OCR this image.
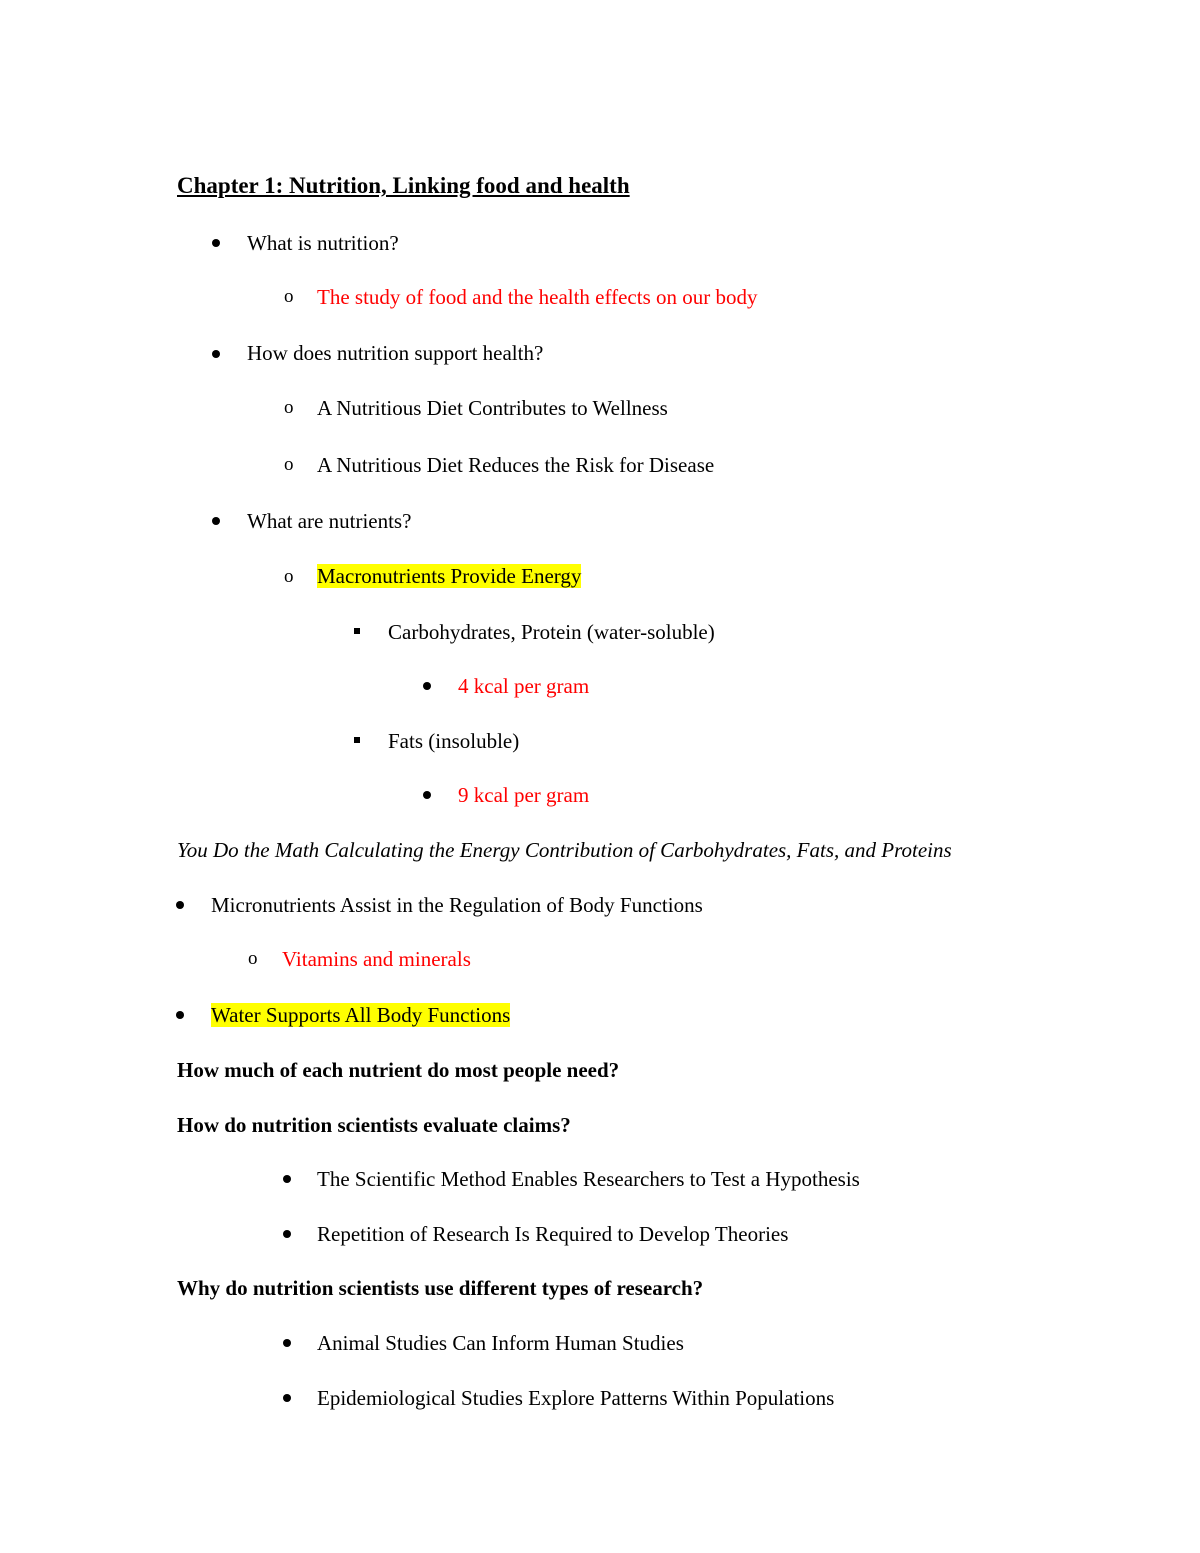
Chapter 1: Nutrition, Linking food and health
What is nutrition?
o The study of food and the health effects on our body
How does nutrition support health?
o A Nutritious Diet Contributes to Wellness
o A Nutritious Diet Reduces the Risk for Disease
What are nutrients?
o Macronutrients Provide Energy
Carbohydrates, Protein (water-soluble)
4 kcal per gram
Fats (insoluble)
9 kcal per gram
You Do the Math Calculating the Energy Contribution of Carbohydrates, Fats, and Proteins
Micronutrients Assist in the Regulation of Body Functions
o Vitamins and minerals
Water Supports All Body Functions
How much of each nutrient do most people need?
How do nutrition scientists evaluate claims?
The Scientific Method Enables Researchers to Test a Hypothesis
Repetition of Research Is Required to Develop Theories
Why do nutrition scientists use different types of research?
Animal Studies Can Inform Human Studies
Epidemiological Studies Explore Patterns Within Populations
